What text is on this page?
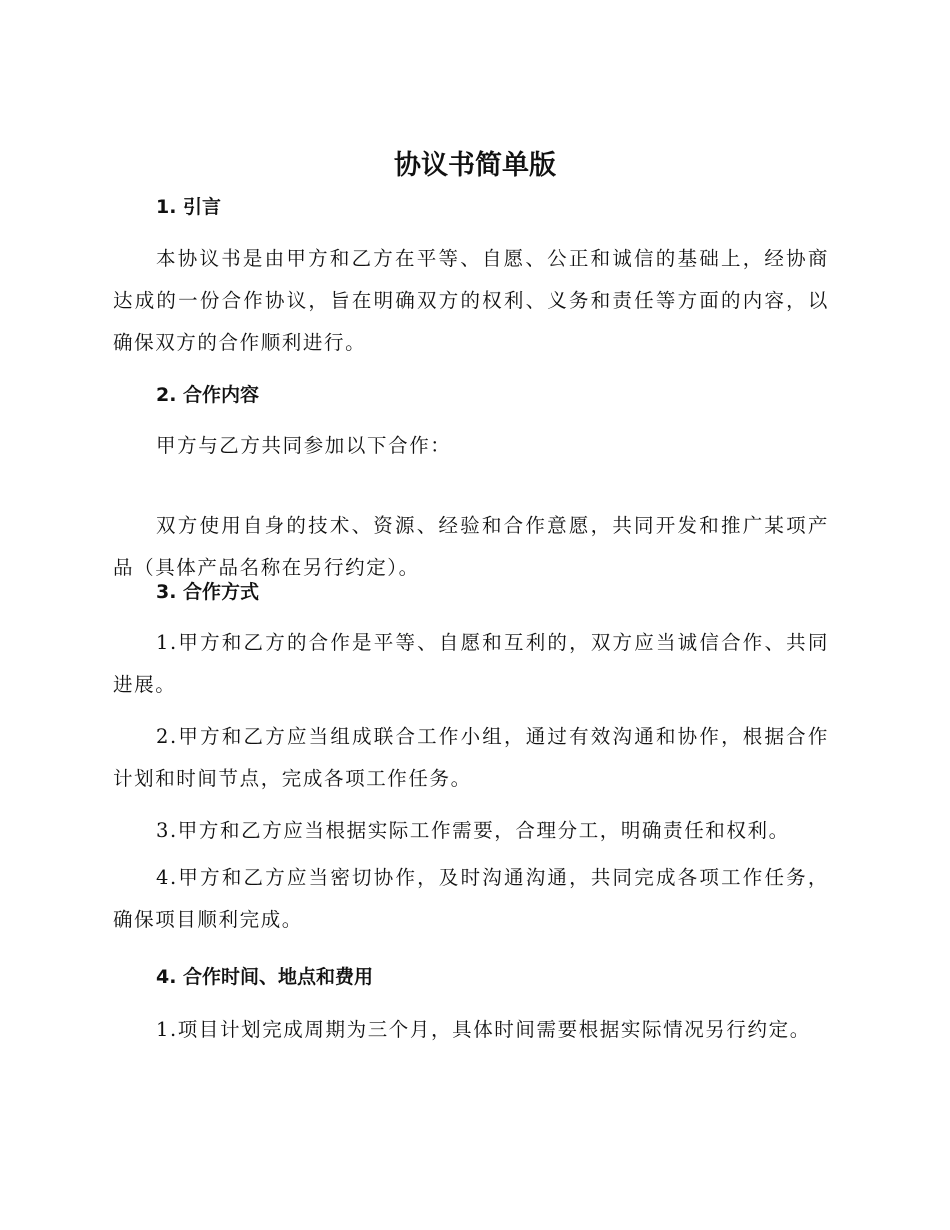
协议书简单版
1. 引言

本协议书是由甲方和乙方在平等、自愿、公正和诚信的基础上，经协商达成的一份合作协议，旨在明确双方的权利、义务和责任等方面的内容，以确保双方的合作顺利进行。

2. 合作内容

甲方与乙方共同参加以下合作：

双方使用自身的技术、资源、经验和合作意愿，共同开发和推广某项产品（具体产品名称在另行约定）。

3. 合作方式

1.甲方和乙方的合作是平等、自愿和互利的，双方应当诚信合作、共同进展。

2.甲方和乙方应当组成联合工作小组，通过有效沟通和协作，根据合作计划和时间节点，完成各项工作任务。

3.甲方和乙方应当根据实际工作需要，合理分工，明确责任和权利。

4.甲方和乙方应当密切协作，及时沟通沟通，共同完成各项工作任务，确保项目顺利完成。

4. 合作时间、地点和费用

1.项目计划完成周期为三个月，具体时间需要根据实际情况另行约定。
